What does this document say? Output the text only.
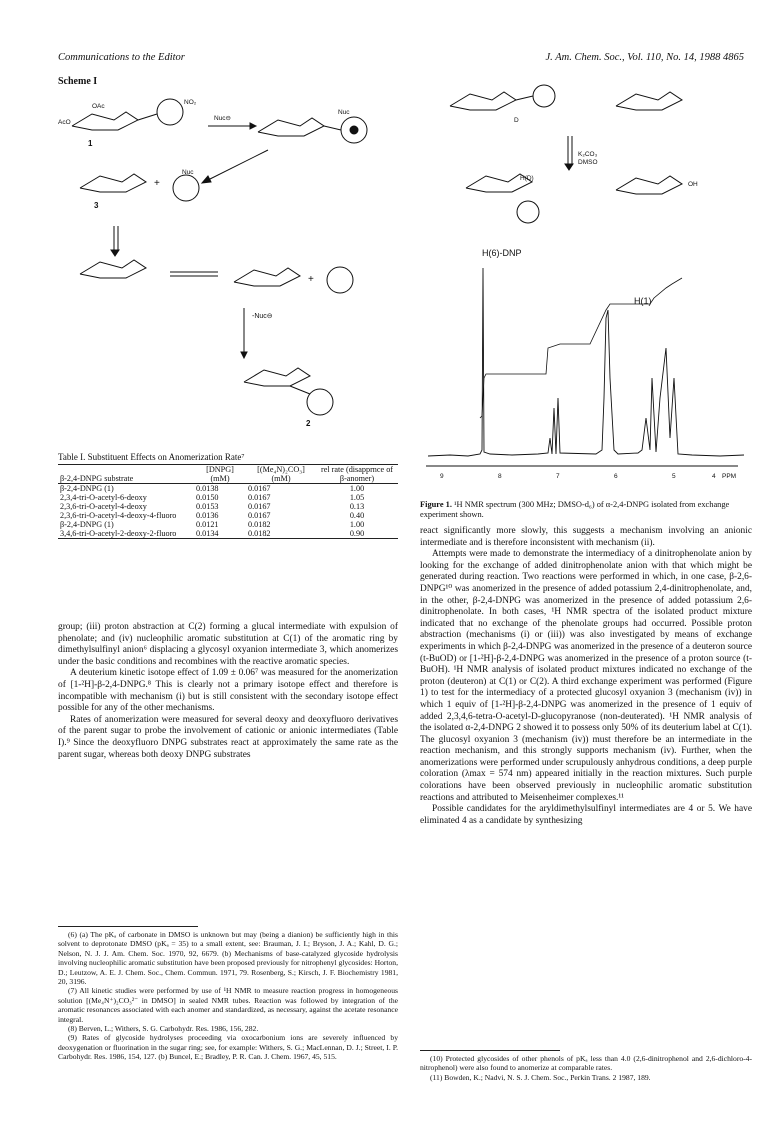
Communications to the Editor	J. Am. Chem. Soc., Vol. 110, No. 14, 1988 4865
Scheme I
+
+
AcO
OAc
NO₂
Nuc⊖
Nuc
Nuc
3
1
-Nuc⊖
2

Table I. Substituent Effects on Anomerization Rate⁷

β-2,4-DNPG substrate	[DNPG] (mM)	[(Me₄N)₂CO₃] (mM)	rel rate (disapprnce of β-anomer)
β-2,4-DNPG (1)	0.0138	0.0167	1.00
2,3,4-tri-O-acetyl-6-deoxy	0.0150	0.0167	1.05
2,3,6-tri-O-acetyl-4-deoxy	0.0153	0.0167	0.13
2,3,6-tri-O-acetyl-4-deoxy-4-fluoro	0.0136	0.0167	0.40
β-2,4-DNPG (1)	0.0121	0.0182	1.00
3,4,6-tri-O-acetyl-2-deoxy-2-fluoro	0.0134	0.0182	0.90

group; (iii) proton abstraction at C(2) forming a glucal intermediate with expulsion of phenolate; and (iv) nucleophilic aromatic substitution at C(1) of the aromatic ring by dimethylsulfinyl anion⁶ displacing a glycosyl oxyanion intermediate 3, which anomerizes under the basic conditions and recombines with the reactive aromatic species.

A deuterium kinetic isotope effect of 1.09 ± 0.06⁷ was measured for the anomerization of [1-²H]-β-2,4-DNPG.⁸ This is clearly not a primary isotope effect and therefore is incompatible with mechanism (i) but is still consistent with the secondary isotope effect possible for any of the other mechanisms.

Rates of anomerization were measured for several deoxy and deoxyfluoro derivatives of the parent sugar to probe the involvement of cationic or anionic intermediates (Table I).⁹ Since the deoxyfluoro DNPG substrates react at approximately the same rate as the parent sugar, whereas both deoxy DNPG substrates

(6) (a) The pKₐ of carbonate in DMSO is unknown but may (being a dianion) be sufficiently high in this solvent to deprotonate DMSO (pKₐ = 35) to a small extent, see: Brauman, J. I.; Bryson, J. A.; Kahl, D. G.; Nelson, N. J. J. Am. Chem. Soc. 1970, 92, 6679. (b) Mechanisms of base-catalyzed glycoside hydrolysis involving nucleophilic aromatic substitution have been proposed previously for nitrophenyl glycosides: Horton, D.; Leutzow, A. E. J. Chem. Soc., Chem. Commun. 1971, 79. Rosenberg, S.; Kirsch, J. F. Biochemistry 1981, 20, 3196.

(7) All kinetic studies were performed by use of ¹H NMR to measure reaction progress in homogeneous solution [(Me₄N⁺)₂CO₃²⁻ in DMSO] in sealed NMR tubes. Reaction was followed by integration of the aromatic resonances associated with each anomer and standardized, as necessary, against the acetate resonance integral.

(8) Berven, L.; Withers, S. G. Carbohydr. Res. 1986, 156, 282.

(9) Rates of glycoside hydrolyses proceeding via oxocarbonium ions are severely influenced by deoxygenation or fluorination in the sugar ring; see, for example: Withers, S. G.; MacLennan, D. J.; Street, I. P. Carbohydr. Res. 1986, 154, 127. (b) Buncel, E.; Bradley, P. R. Can. J. Chem. 1967, 45, 515.

K₂CO₃
DMSO
H(6)-DNP
H(1)
H(D)
OH
D
9	8	7	6	5	4 PPM
Figure 1. ¹H NMR spectrum (300 MHz; DMSO-d₆) of α-2,4-DNPG isolated from exchange experiment shown.

react significantly more slowly, this suggests a mechanism involving an anionic intermediate and is therefore inconsistent with mechanism (ii).

Attempts were made to demonstrate the intermediacy of a dinitrophenolate anion by looking for the exchange of added dinitrophenolate anion with that which might be generated during reaction. Two reactions were performed in which, in one case, β-2,6-DNPG¹⁰ was anomerized in the presence of added potassium 2,4-dinitrophenolate, and, in the other, β-2,4-DNPG was anomerized in the presence of added potassium 2,6-dinitrophenolate. In both cases, ¹H NMR spectra of the isolated product mixture indicated that no exchange of the phenolate groups had occurred. Possible proton abstraction (mechanisms (i) or (iii)) was also investigated by means of exchange experiments in which β-2,4-DNPG was anomerized in the presence of a deuteron source (t-BuOD) or [1-²H]-β-2,4-DNPG was anomerized in the presence of a proton source (t-BuOH). ¹H NMR analysis of isolated product mixtures indicated no exchange of the proton (deuteron) at C(1) or C(2). A third exchange experiment was performed (Figure 1) to test for the intermediacy of a protected glucosyl oxyanion 3 (mechanism (iv)) in which 1 equiv of [1-²H]-β-2,4-DNPG was anomerized in the presence of 1 equiv of added 2,3,4,6-tetra-O-acetyl-D-glucopyranose (non-deuterated). ¹H NMR analysis of the isolated α-2,4-DNPG 2 showed it to possess only 50% of its deuterium label at C(1). The glucosyl oxyanion 3 (mechanism (iv)) must therefore be an intermediate in the reaction mechanism, and this strongly supports mechanism (iv). Further, when the anomerizations were performed under scrupulously anhydrous conditions, a deep purple coloration (λmax = 574 nm) appeared initially in the reaction mixtures. Such purple colorations have been observed previously in nucleophilic aromatic substitution reactions and attributed to Meisenheimer complexes.¹¹

Possible candidates for the aryldimethylsulfinyl intermediates are 4 or 5. We have eliminated 4 as a candidate by synthesizing

(10) Protected glycosides of other phenols of pKₐ less than 4.0 (2,6-dinitrophenol and 2,6-dichloro-4-nitrophenol) were also found to anomerize at comparable rates.

(11) Bowden, K.; Nadvi, N. S. J. Chem. Soc., Perkin Trans. 2 1987, 189.
